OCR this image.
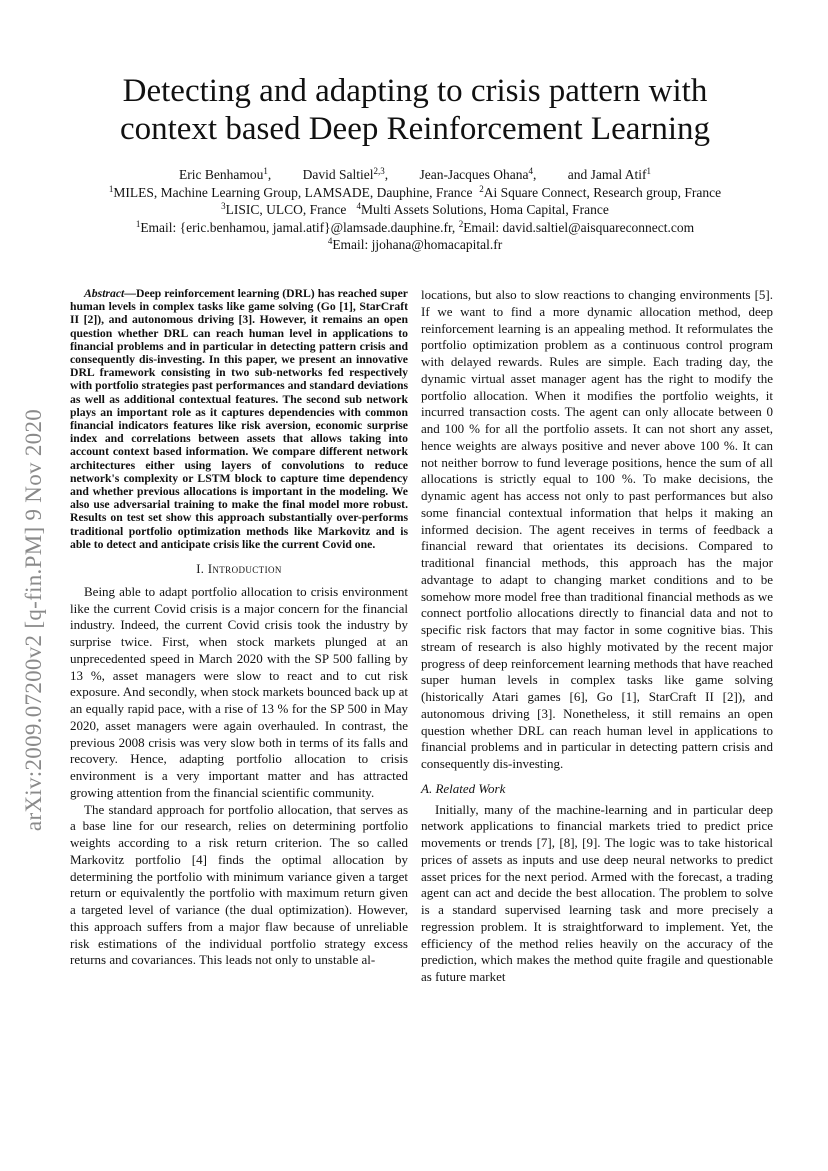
arXiv:2009.07200v2 [q-fin.PM] 9 Nov 2020
Detecting and adapting to crisis pattern with
context based Deep Reinforcement Learning
Eric Benhamou$^1$, David Saltiel$^{2,3}$, Jean-Jacques Ohana$^4$, and Jamal Atif$^1$
$^1$MILES, Machine Learning Group, LAMSADE, Dauphine, France $^2$Ai Square Connect, Research group, France
$^3$LISIC, ULCO, France $^4$Multi Assets Solutions, Homa Capital, France
$^1$Email: {eric.benhamou, jamal.atif}@lamsade.dauphine.fr, $^2$Email: david.saltiel@aisquareconnect.com
$^4$Email: jjohana@homacapital.fr

Abstract—Deep reinforcement learning (DRL) has reached super human levels in complex tasks like game solving (Go [1], StarCraft II [2]), and autonomous driving [3]. However, it remains an open question whether DRL can reach human level in applications to financial problems and in particular in detecting pattern crisis and consequently dis-investing. In this paper, we present an innovative DRL framework consisting in two sub-networks fed respectively with portfolio strategies past performances and standard deviations as well as additional contextual features. The second sub network plays an important role as it captures dependencies with common financial indicators features like risk aversion, economic surprise index and correlations between assets that allows taking into account context based information. We compare different network architectures either using layers of convolutions to reduce network's complexity or LSTM block to capture time dependency and whether previous allocations is important in the modeling. We also use adversarial training to make the final model more robust. Results on test set show this approach substantially over-performs traditional portfolio optimization methods like Markovitz and is able to detect and anticipate crisis like the current Covid one.

I. Introduction

Being able to adapt portfolio allocation to crisis environment like the current Covid crisis is a major concern for the financial industry. Indeed, the current Covid crisis took the industry by surprise twice. First, when stock markets plunged at an unprecedented speed in March 2020 with the SP 500 falling by 13 %, asset managers were slow to react and to cut risk exposure. And secondly, when stock markets bounced back up at an equally rapid pace, with a rise of 13 % for the SP 500 in May 2020, asset managers were again overhauled. In contrast, the previous 2008 crisis was very slow both in terms of its falls and recovery. Hence, adapting portfolio allocation to crisis environment is a very important matter and has attracted growing attention from the financial scientific community.

The standard approach for portfolio allocation, that serves as a base line for our research, relies on determining portfolio weights according to a risk return criterion. The so called Markovitz portfolio [4] finds the optimal allocation by determining the portfolio with minimum variance given a target return or equivalently the portfolio with maximum return given a targeted level of variance (the dual optimization). However, this approach suffers from a major flaw because of unreliable risk estimations of the individual portfolio strategy excess returns and covariances. This leads not only to unstable al-

locations, but also to slow reactions to changing environments [5]. If we want to find a more dynamic allocation method, deep reinforcement learning is an appealing method. It reformulates the portfolio optimization problem as a continuous control program with delayed rewards. Rules are simple. Each trading day, the dynamic virtual asset manager agent has the right to modify the portfolio allocation. When it modifies the portfolio weights, it incurred transaction costs. The agent can only allocate between 0 and 100 % for all the portfolio assets. It can not short any asset, hence weights are always positive and never above 100 %. It can not neither borrow to fund leverage positions, hence the sum of all allocations is strictly equal to 100 %. To make decisions, the dynamic agent has access not only to past performances but also some financial contextual information that helps it making an informed decision. The agent receives in terms of feedback a financial reward that orientates its decisions. Compared to traditional financial methods, this approach has the major advantage to adapt to changing market conditions and to be somehow more model free than traditional financial methods as we connect portfolio allocations directly to financial data and not to specific risk factors that may factor in some cognitive bias. This stream of research is also highly motivated by the recent major progress of deep reinforcement learning methods that have reached super human levels in complex tasks like game solving (historically Atari games [6], Go [1], StarCraft II [2]), and autonomous driving [3]. Nonetheless, it still remains an open question whether DRL can reach human level in applications to financial problems and in particular in detecting pattern crisis and consequently dis-investing.

A. Related Work

Initially, many of the machine-learning and in particular deep network applications to financial markets tried to predict price movements or trends [7], [8], [9]. The logic was to take historical prices of assets as inputs and use deep neural networks to predict asset prices for the next period. Armed with the forecast, a trading agent can act and decide the best allocation. The problem to solve is a standard supervised learning task and more precisely a regression problem. It is straightforward to implement. Yet, the efficiency of the method relies heavily on the accuracy of the prediction, which makes the method quite fragile and questionable as future market
